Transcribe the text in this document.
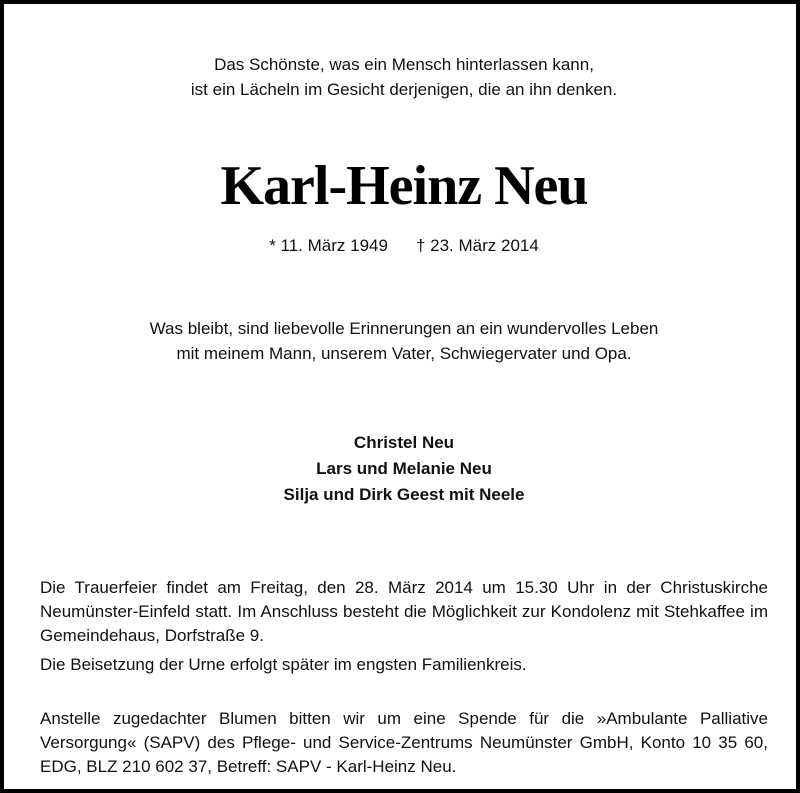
Das Schönste, was ein Mensch hinterlassen kann,
ist ein Lächeln im Gesicht derjenigen, die an ihn denken.
Karl-Heinz Neu
* 11. März 1949 † 23. März 2014
Was bleibt, sind liebevolle Erinnerungen an ein wundervolles Leben
mit meinem Mann, unserem Vater, Schwiegervater und Opa.
Christel Neu
Lars und Melanie Neu
Silja und Dirk Geest mit Neele
Die Trauerfeier findet am Freitag, den 28. März 2014 um 15.30 Uhr in der Christuskirche Neumünster-Einfeld statt. Im Anschluss besteht die Möglichkeit zur Kondolenz mit Stehkaffee im Gemeindehaus, Dorfstraße 9.
Die Beisetzung der Urne erfolgt später im engsten Familienkreis.
Anstelle zugedachter Blumen bitten wir um eine Spende für die »Ambulante Palliative Versorgung« (SAPV) des Pflege- und Service-Zentrums Neumünster GmbH, Konto 10 35 60, EDG, BLZ 210 602 37, Betreff: SAPV - Karl-Heinz Neu.
